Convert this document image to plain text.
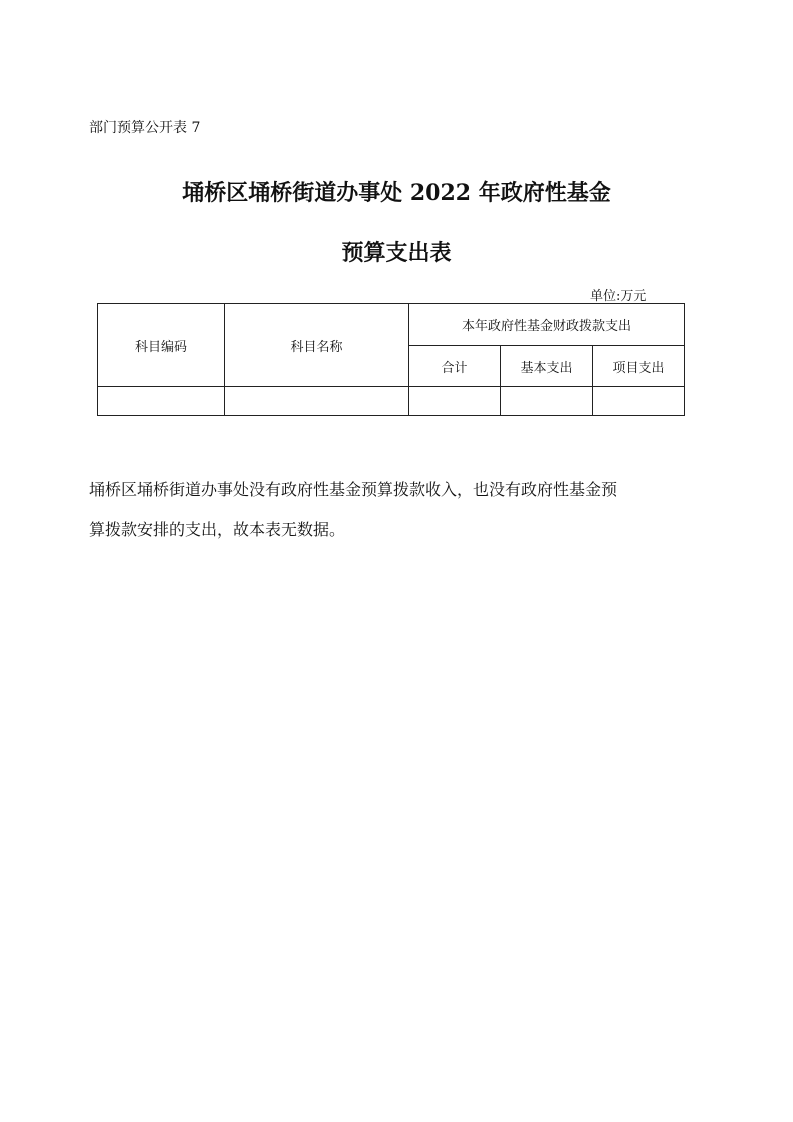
部门预算公开表 7
埇桥区埇桥街道办事处 2022 年政府性基金
预算支出表
单位:万元
科目编码	科目名称	本年政府性基金财政拨款支出		
		合计	基本支出	项目支出

埇桥区埇桥街道办事处没有政府性基金预算拨款收入，也没有政府性基金预
算拨款安排的支出，故本表无数据。
